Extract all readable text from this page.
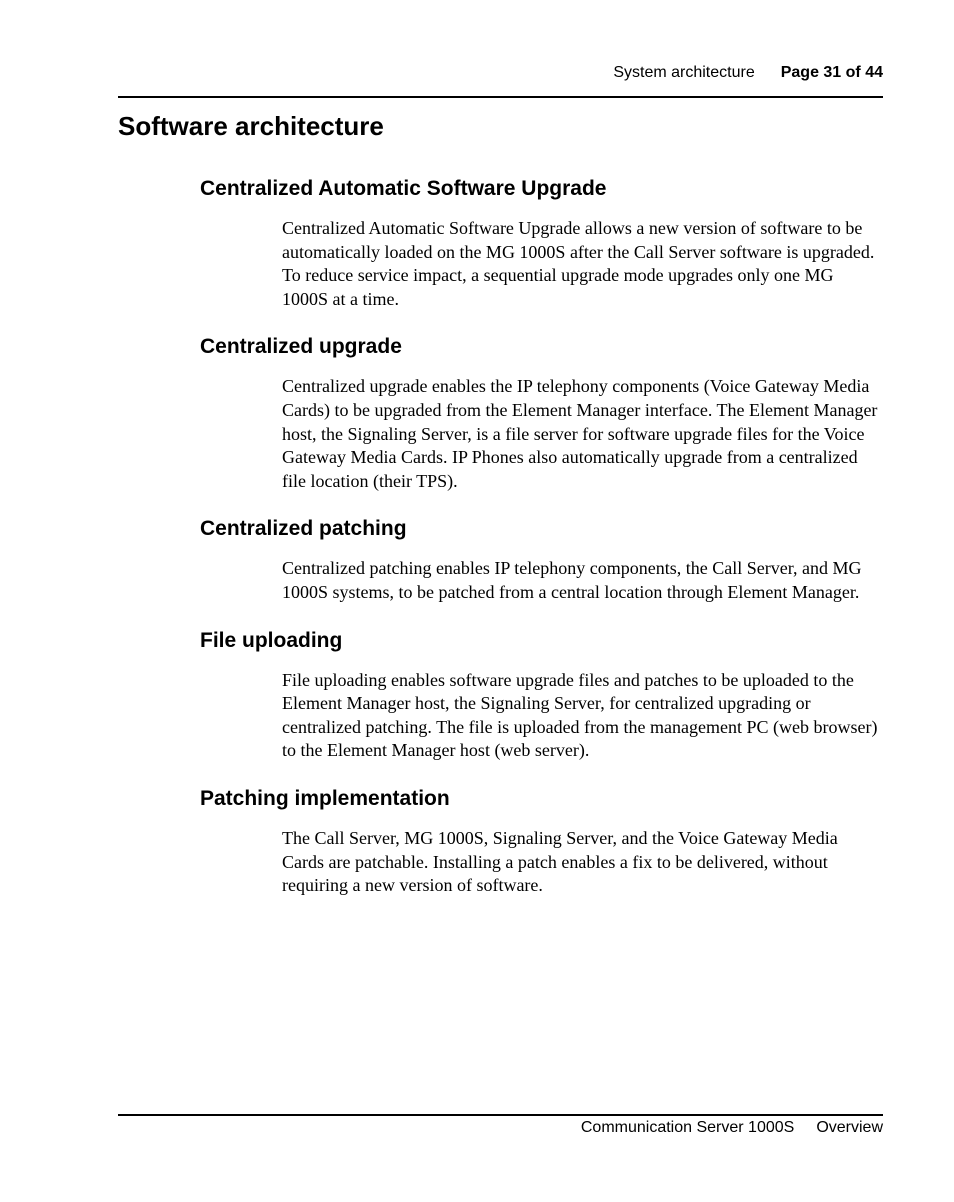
System architecture Page 31 of 44
Software architecture
Centralized Automatic Software Upgrade

Centralized Automatic Software Upgrade allows a new version of software to be automatically loaded on the MG 1000S after the Call Server software is upgraded. To reduce service impact, a sequential upgrade mode upgrades only one MG 1000S at a time.

Centralized upgrade

Centralized upgrade enables the IP telephony components (Voice Gateway Media Cards) to be upgraded from the Element Manager interface. The Element Manager host, the Signaling Server, is a file server for software upgrade files for the Voice Gateway Media Cards. IP Phones also automatically upgrade from a centralized file location (their TPS).

Centralized patching

Centralized patching enables IP telephony components, the Call Server, and MG 1000S systems, to be patched from a central location through Element Manager.

File uploading

File uploading enables software upgrade files and patches to be uploaded to the Element Manager host, the Signaling Server, for centralized upgrading or centralized patching. The file is uploaded from the management PC (web browser) to the Element Manager host (web server).

Patching implementation

The Call Server, MG 1000S, Signaling Server, and the Voice Gateway Media Cards are patchable. Installing a patch enables a fix to be delivered, without requiring a new version of software.

Communication Server 1000S Overview
